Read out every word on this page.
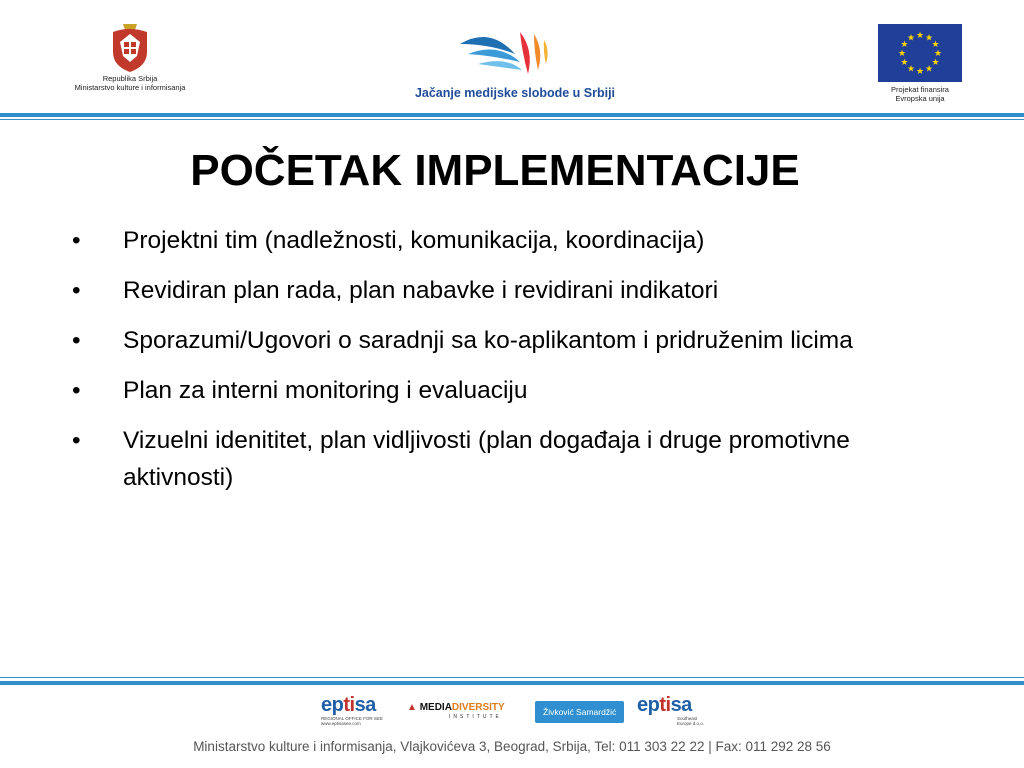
Republika Srbija
Ministarstvo kulture i informisanja	Jačanje medijske slobode u Srbiji
★ ★
★
★
★
★
★
★
★
★
★
★
Projekat finansira
Evropska unija
POČETAK IMPLEMENTACIJE
• Projektni tim (nadležnosti, komunikacija, koordinacija)
• Revidiran plan rada, plan nabavke i revidirani indikatori
• Sporazumi/Ugovori o saradnji sa ko-aplikantom i pridruženim licima
• Plan za interni monitoring i evaluaciju
• Vizuelni idenititet, plan vidljivosti (plan događaja i druge promotivne aktivnosti)
eptisa
REGIONAL OFFICE FOR SEE
www.eptisasee.com
▲ MEDIADIVERSITY
INSTITUTE	Živković Samardžić	eptisa
Southeast
Europe d.o.o.
Ministarstvo kulture i informisanja, Vlajkovićeva 3, Beograd, Srbija, Tel: 011 303 22 22 | Fax: 011 292 28 56
